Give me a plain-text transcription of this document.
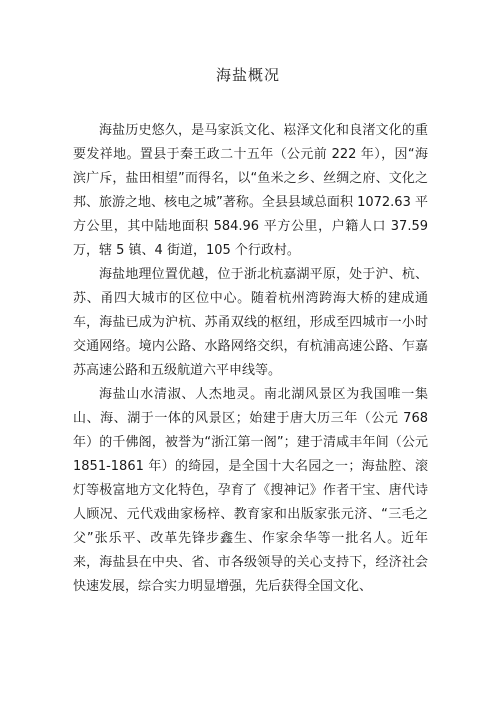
海盐概况

海盐历史悠久，是马家浜文化、崧泽文化和良渚文化的重要发祥地。置县于秦王政二十五年（公元前 222 年），因“海滨广斥，盐田相望”而得名，以“鱼米之乡、丝绸之府、文化之邦、旅游之地、核电之城”著称。全县县域总面积 1072.63 平方公里，其中陆地面积 584.96 平方公里，户籍人口 37.59 万，辖 5 镇、4 街道，105 个行政村。

海盐地理位置优越，位于浙北杭嘉湖平原，处于沪、杭、苏、甬四大城市的区位中心。随着杭州湾跨海大桥的建成通车，海盐已成为沪杭、苏甬双线的枢纽，形成至四城市一小时交通网络。境内公路、水路网络交织，有杭浦高速公路、乍嘉苏高速公路和五级航道六平申线等。

海盐山水清淑、人杰地灵。南北湖风景区为我国唯一集山、海、湖于一体的风景区；始建于唐大历三年（公元 768 年）的千佛阁，被誉为“浙江第一阁”；建于清咸丰年间（公元 1851-1861 年）的绮园，是全国十大名园之一；海盐腔、滚灯等极富地方文化特色，孕育了《搜神记》作者干宝、唐代诗人顾况、元代戏曲家杨梓、教育家和出版家张元济、“三毛之父”张乐平、改革先锋步鑫生、作家余华等一批名人。近年来，海盐县在中央、省、市各级领导的关心支持下，经济社会快速发展，综合实力明显增强，先后获得全国文化、
